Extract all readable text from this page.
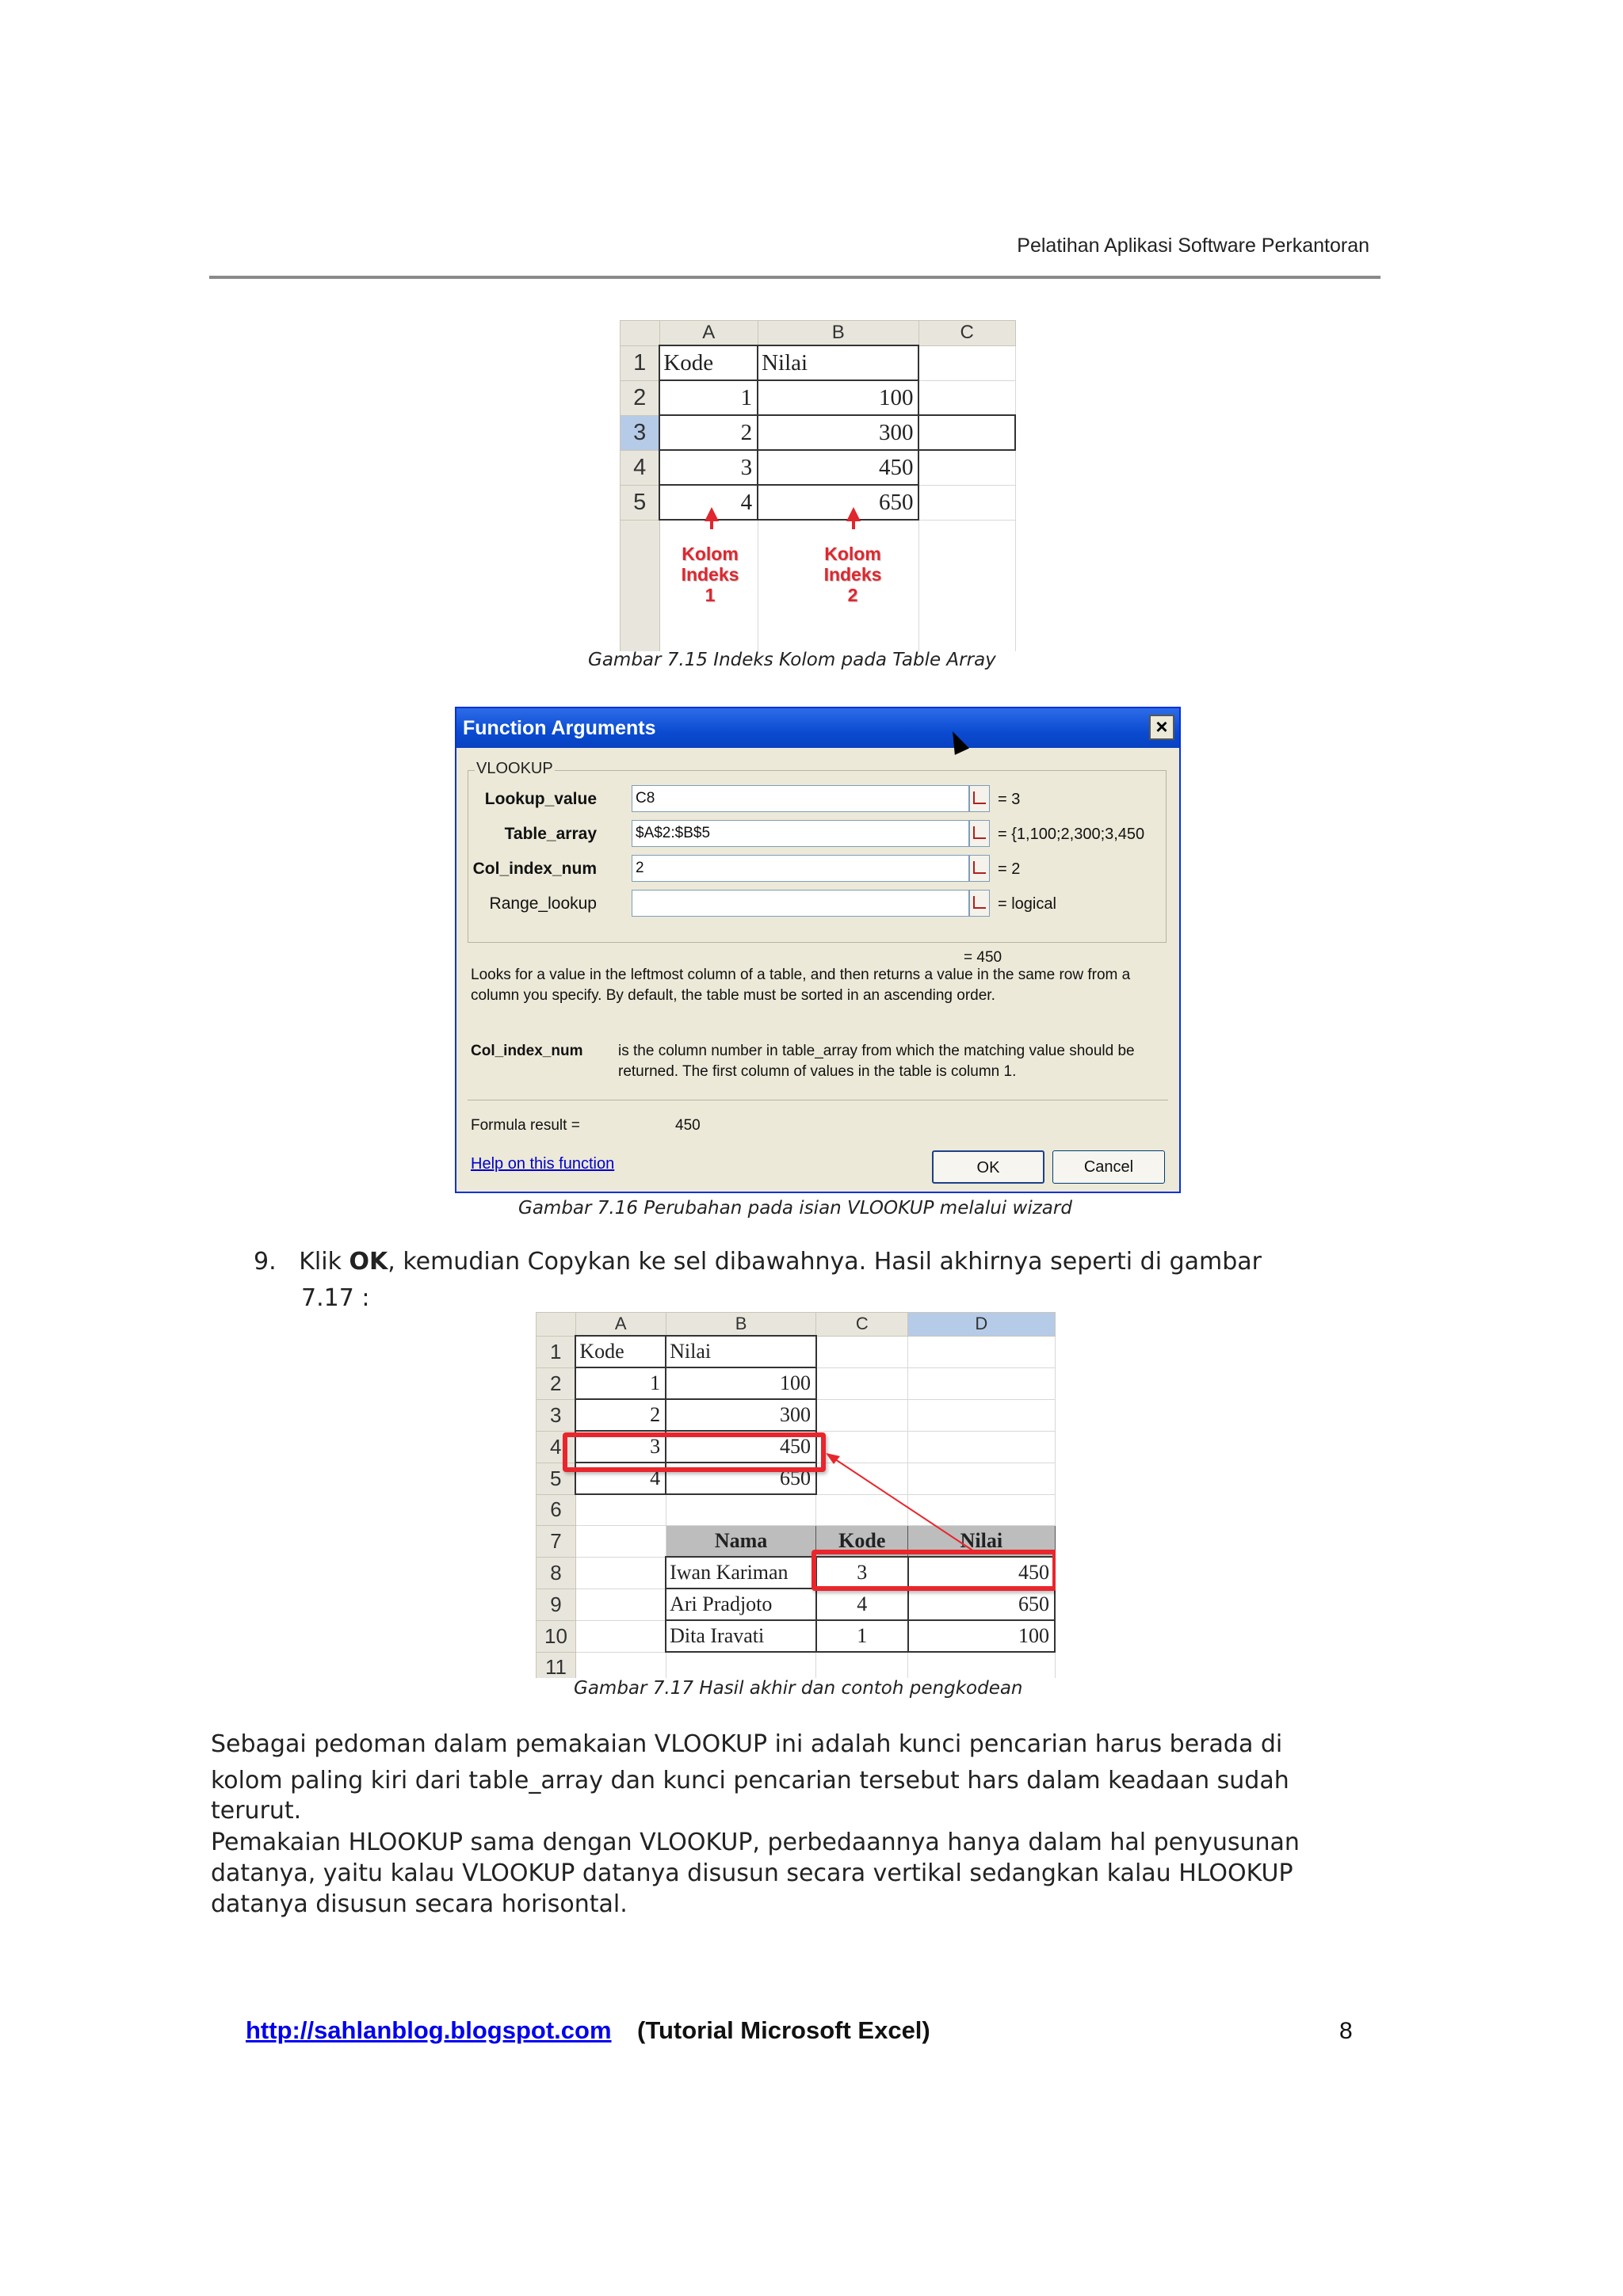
Pelatihan Aplikasi Software Perkantoran
	A	B	C
1	Kode	Nilai	
2	1	100	
3	2	300	
4	3	450	
5	4	650	

Kolom
Indeks
1
Kolom
Indeks
2
Gambar 7.15 Indeks Kolom pada Table Array
Function Arguments	×
VLOOKUP
Lookup_value	C8	= 3
Table_array	$A$2:$B$5	= {1,100;2,300;3,450
Col_index_num	2	= 2
Range_lookup	= logical
= 450
Looks for a value in the leftmost column of a table, and then returns a value in the same row from a column you specify. By default, the table must be sorted in an ascending order.
Col_index_num is the column number in table_array from which the matching value should be returned. The first column of values in the table is column 1.
Formula result =	450
Help on this function	OK	Cancel
Gambar 7.16 Perubahan pada isian VLOOKUP melalui wizard
9. Klik OK, kemudian Copykan ke sel dibawahnya. Hasil akhirnya seperti di gambar
7.17 :
	A	B	C	D
1	Kode	Nilai		
2	1	100		
3	2	300		
4	3	450		
5	4	650		
6				
7		Nama	Kode	Nilai
8		Iwan Kariman	3	450
9		Ari Pradjoto	4	650
10		Dita Iravati	1	100
11				
Gambar 7.17 Hasil akhir dan contoh pengkodean
Sebagai pedoman dalam pemakaian VLOOKUP ini adalah kunci pencarian harus berada di
kolom paling kiri dari table_array dan kunci pencarian tersebut hars dalam keadaan sudah
terurut.
Pemakaian HLOOKUP sama dengan VLOOKUP, perbedaannya hanya dalam hal penyusunan
datanya, yaitu kalau VLOOKUP datanya disusun secara vertikal sedangkan kalau HLOOKUP
datanya disusun secara horisontal.
http://sahlanblog.blogspot.com (Tutorial Microsoft Excel)	8
